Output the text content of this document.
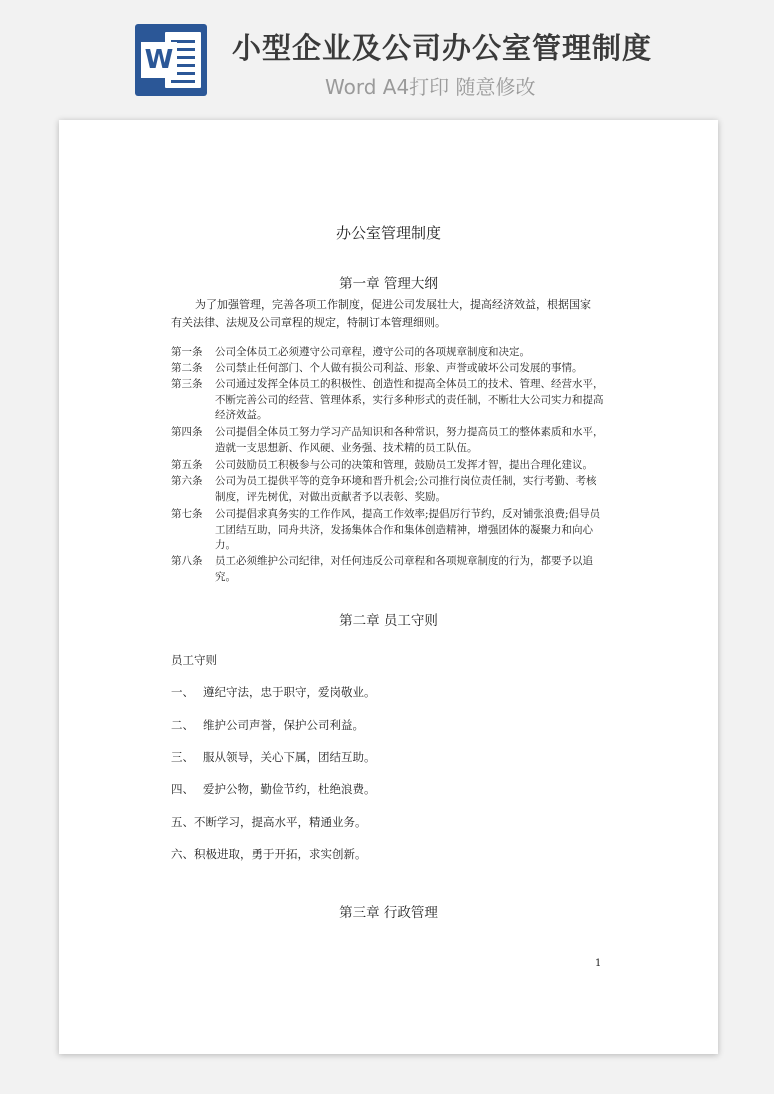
W 小型企业及公司办公室管理制度
Word A4打印 随意修改
办公室管理制度
第一章 管理大纲
为了加强管理，完善各项工作制度，促进公司发展壮大，提高经济效益，根据国家有关法律、法规及公司章程的规定，特制订本管理细则。
第一条 公司全体员工必须遵守公司章程，遵守公司的各项规章制度和决定。
第二条 公司禁止任何部门、个人做有损公司利益、形象、声誉或破坏公司发展的事情。
第三条 公司通过发挥全体员工的积极性、创造性和提高全体员工的技术、管理、经营水平，不断完善公司的经营、管理体系，实行多种形式的责任制，不断壮大公司实力和提高经济效益。
第四条 公司提倡全体员工努力学习产品知识和各种常识，努力提高员工的整体素质和水平，造就一支思想新、作风硬、业务强、技术精的员工队伍。
第五条 公司鼓励员工积极参与公司的决策和管理，鼓励员工发挥才智，提出合理化建议。
第六条 公司为员工提供平等的竞争环境和晋升机会;公司推行岗位责任制，实行考勤、考核制度，评先树优，对做出贡献者予以表彰、奖励。
第七条 公司提倡求真务实的工作作风，提高工作效率;提倡厉行节约，反对铺张浪费;倡导员工团结互助，同舟共济，发扬集体合作和集体创造精神，增强团体的凝聚力和向心力。
第八条 员工必须维护公司纪律，对任何违反公司章程和各项规章制度的行为，都要予以追究。
第二章 员工守则
员工守则
一、 遵纪守法，忠于职守，爱岗敬业。
二、 维护公司声誉，保护公司利益。
三、 服从领导，关心下属，团结互助。
四、 爱护公物，勤俭节约，杜绝浪费。
五、不断学习，提高水平，精通业务。
六、积极进取，勇于开拓，求实创新。
第三章 行政管理
1
